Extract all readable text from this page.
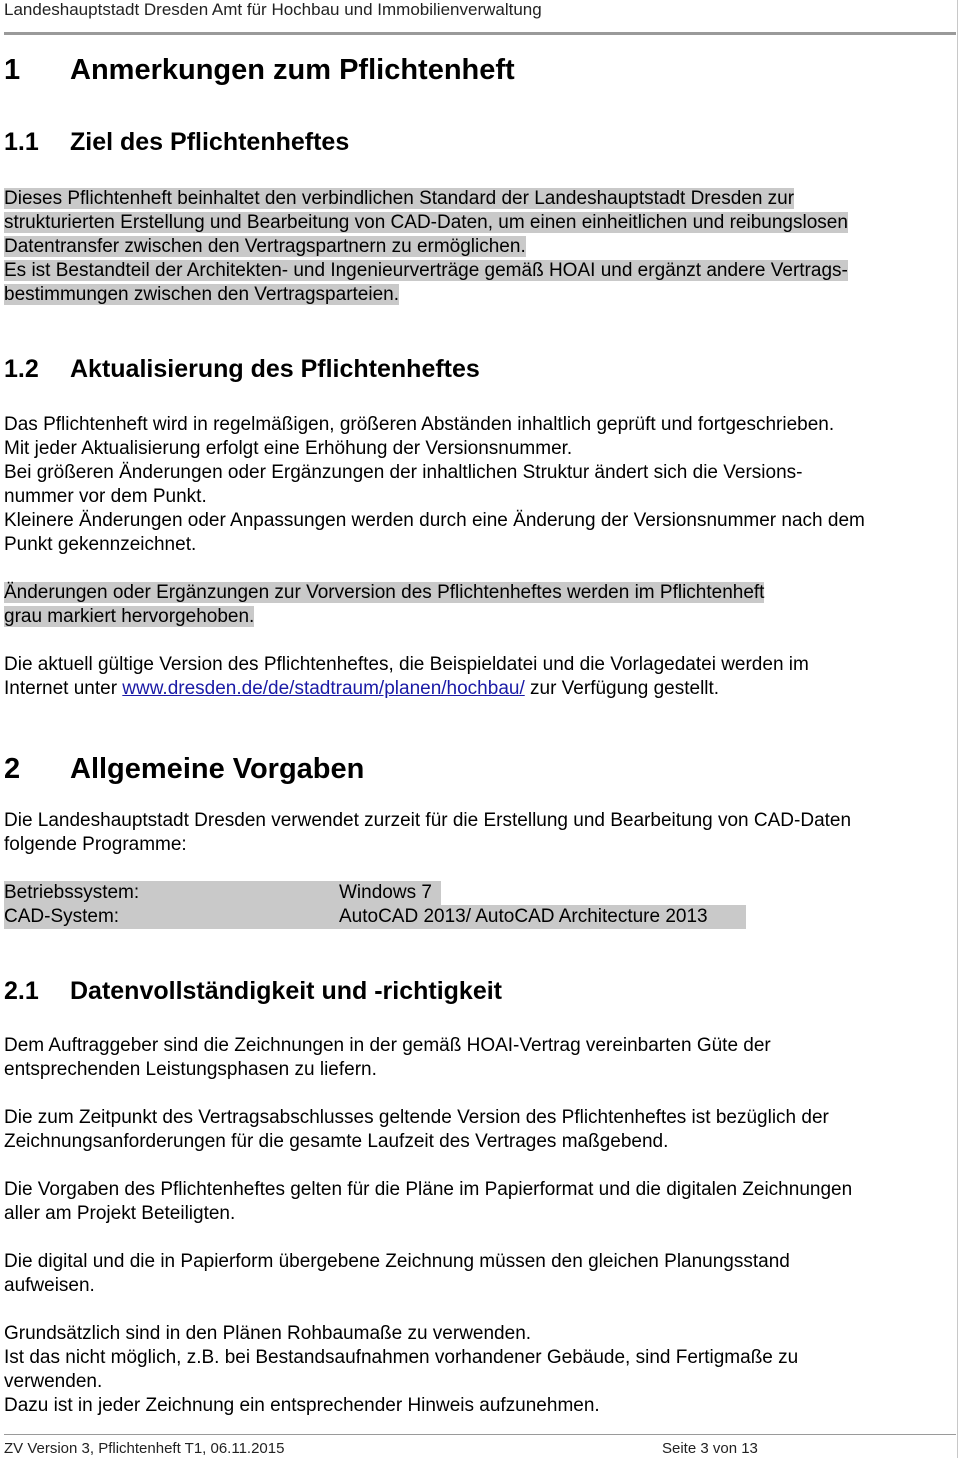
Landeshauptstadt Dresden Amt für Hochbau und Immobilienverwaltung
1 Anmerkungen zum Pflichtenheft
1.1 Ziel des Pflichtenheftes
Dieses Pflichtenheft beinhaltet den verbindlichen Standard der Landeshauptstadt Dresden zur
strukturierten Erstellung und Bearbeitung von CAD-Daten, um einen einheitlichen und reibungslosen
Datentransfer zwischen den Vertragspartnern zu ermöglichen.
Es ist Bestandteil der Architekten- und Ingenieurverträge gemäß HOAI und ergänzt andere Vertrags-
bestimmungen zwischen den Vertragsparteien.
1.2 Aktualisierung des Pflichtenheftes
Das Pflichtenheft wird in regelmäßigen, größeren Abständen inhaltlich geprüft und fortgeschrieben.
Mit jeder Aktualisierung erfolgt eine Erhöhung der Versionsnummer.
Bei größeren Änderungen oder Ergänzungen der inhaltlichen Struktur ändert sich die Versions-
nummer vor dem Punkt.
Kleinere Änderungen oder Anpassungen werden durch eine Änderung der Versionsnummer nach dem
Punkt gekennzeichnet.
Änderungen oder Ergänzungen zur Vorversion des Pflichtenheftes werden im Pflichtenheft
grau markiert hervorgehoben.
Die aktuell gültige Version des Pflichtenheftes, die Beispieldatei und die Vorlagedatei werden im
Internet unter www.dresden.de/de/stadtraum/planen/hochbau/ zur Verfügung gestellt.
2 Allgemeine Vorgaben
Die Landeshauptstadt Dresden verwendet zurzeit für die Erstellung und Bearbeitung von CAD-Daten
folgende Programme:
Betriebssystem:	Windows 7
CAD-System:	AutoCAD 2013/ AutoCAD Architecture 2013
2.1 Datenvollständigkeit und -richtigkeit
Dem Auftraggeber sind die Zeichnungen in der gemäß HOAI-Vertrag vereinbarten Güte der
entsprechenden Leistungsphasen zu liefern.
Die zum Zeitpunkt des Vertragsabschlusses geltende Version des Pflichtenheftes ist bezüglich der
Zeichnungsanforderungen für die gesamte Laufzeit des Vertrages maßgebend.
Die Vorgaben des Pflichtenheftes gelten für die Pläne im Papierformat und die digitalen Zeichnungen
aller am Projekt Beteiligten.
Die digital und die in Papierform übergebene Zeichnung müssen den gleichen Planungsstand
aufweisen.
Grundsätzlich sind in den Plänen Rohbaumaße zu verwenden.
Ist das nicht möglich, z.B. bei Bestandsaufnahmen vorhandener Gebäude, sind Fertigmaße zu
verwenden.
Dazu ist in jeder Zeichnung ein entsprechender Hinweis aufzunehmen.
ZV Version 3, Pflichtenheft T1, 06.11.2015	Seite 3 von 13
